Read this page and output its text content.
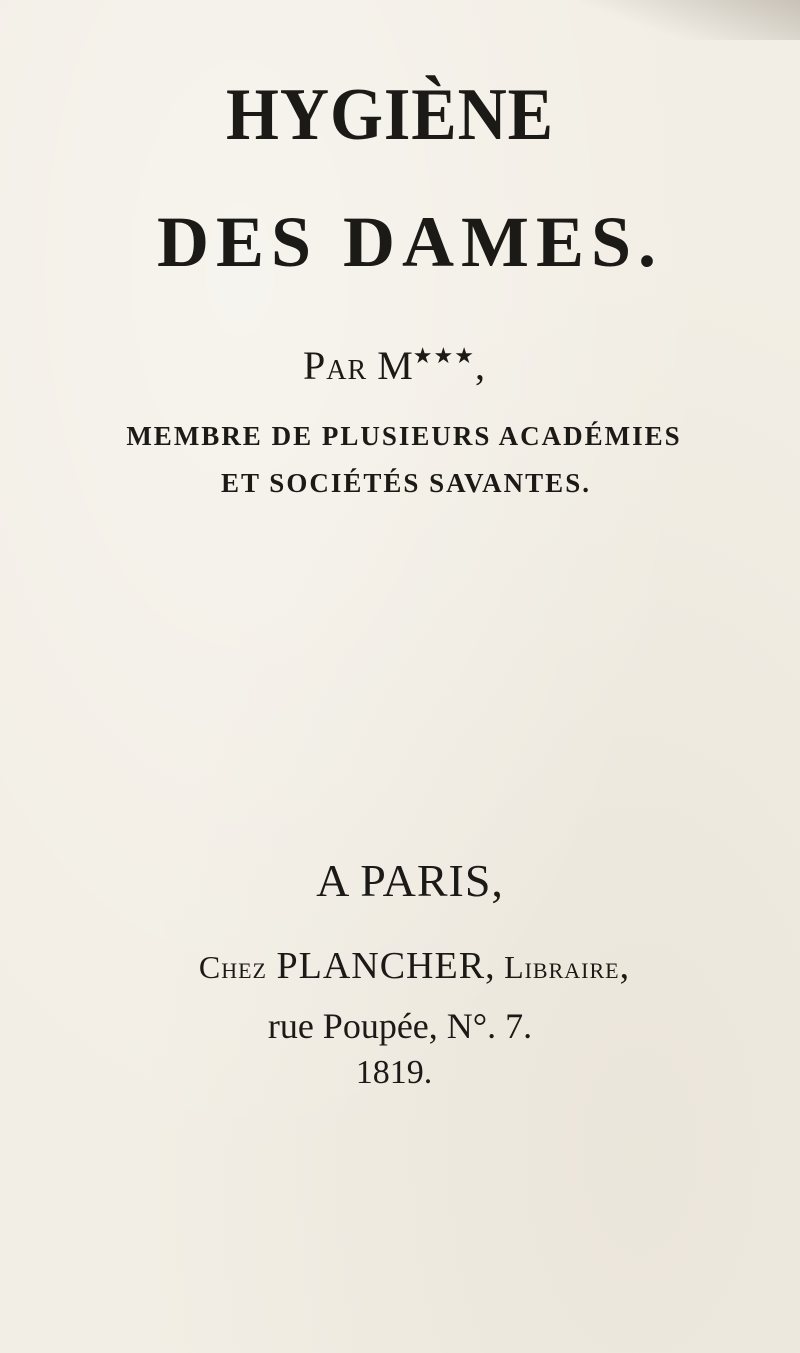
HYGIÈNE
DES DAMES.
Par M★★★,
MEMBRE DE PLUSIEURS ACADÉMIES
ET SOCIÉTÉS SAVANTES.
A PARIS,
Chez PLANCHER, Libraire,
rue Poupée, N°. 7.
1819.
